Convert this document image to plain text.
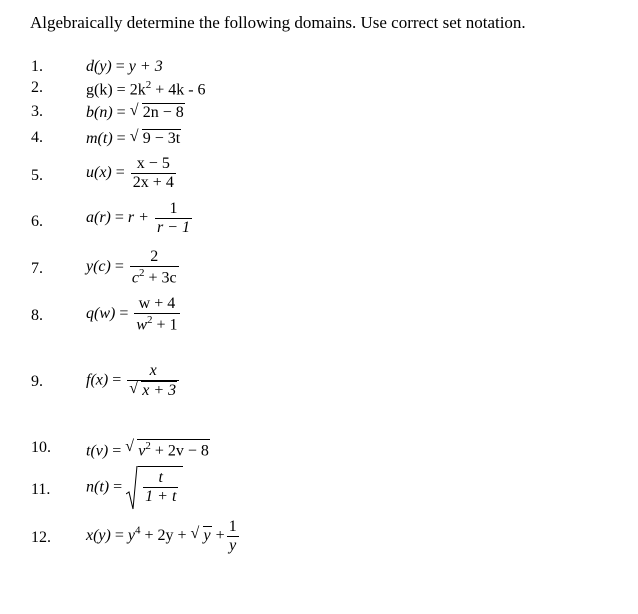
Algebraically determine the following domains. Use correct set notation.
1.	d(y) = y + 3
2.	$g(k) = 2k^2 + 4k - 6$
3.	b(n) = √ 2n − 8
4.	m(t) = √ 9 − 3t
5.	$u(x) = \frac{x - 5}{2x + 4}$
6.	$a(r) = r + \frac{1}{r - 1}$
7.	$y(c) = \frac{2}{c^2 + 3c}$
8.	$q(w) = \frac{w + 4}{w^2 + 1}$
9.	f(x) = x
√ x + 3
10. t(v) = √ $v^2 + 2v - 8$
11. $n(t) = \frac{t}{1 + t}$
12. $x(y) = y^4 + 2y$ + √ $y + \frac{1}{y}$
